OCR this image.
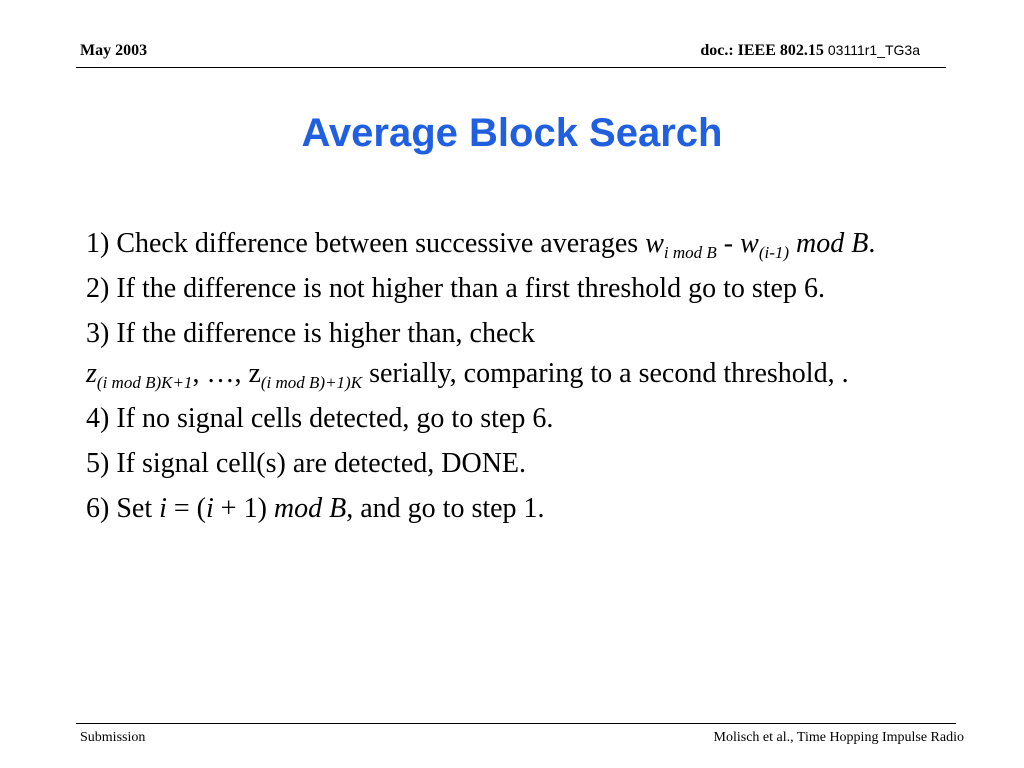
May 2003	doc.: IEEE 802.15 03111r1_TG3a
Average Block Search

1) Check difference between successive averages $w_{i mod B} - w_{(i-1)}$ mod B.

2) If the difference is not higher than a first threshold go to step 6.

3) If the difference is higher than, check

$z_{(i mod B)K+1}$, …, $z_{(i mod B)+1)K}$ serially, comparing to a second threshold, .

4) If no signal cells detected, go to step 6.

5) If signal cell(s) are detected, DONE.

6) Set i = (i + 1) mod B, and go to step 1.

Submission	Molisch et al., Time Hopping Impulse Radio
